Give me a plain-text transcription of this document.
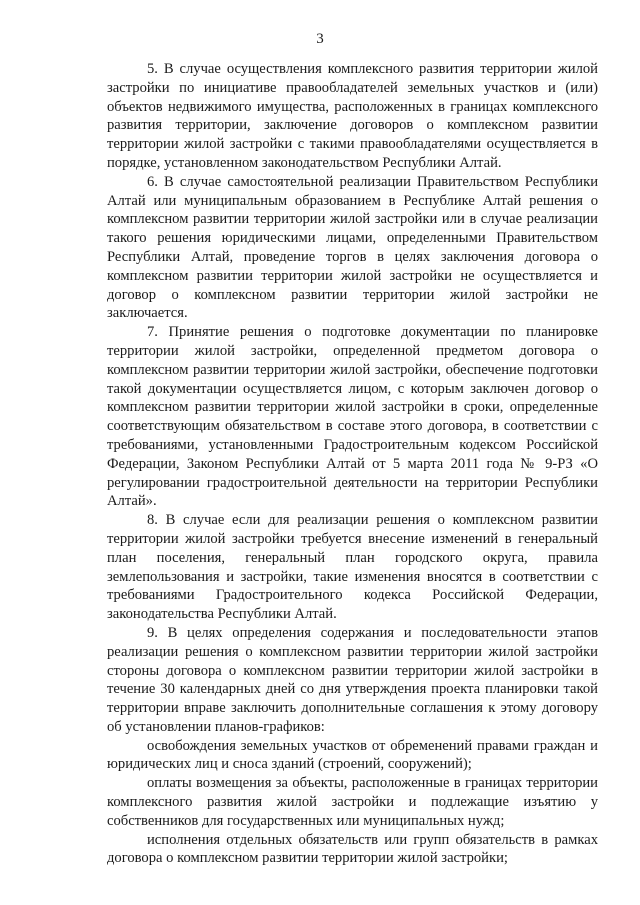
3

5. В случае осуществления комплексного развития территории жилой застройки по инициативе правообладателей земельных участков и (или) объектов недвижимого имущества, расположенных в границах комплексного развития территории, заключение договоров о комплексном развитии территории жилой застройки с такими правообладателями осуществляется в порядке, установленном законодательством Республики Алтай.

6. В случае самостоятельной реализации Правительством Республики Алтай или муниципальным образованием в Республике Алтай решения о комплексном развитии территории жилой застройки или в случае реализации такого решения юридическими лицами, определенными Правительством Республики Алтай, проведение торгов в целях заключения договора о комплексном развитии территории жилой застройки не осуществляется и договор о комплексном развитии территории жилой застройки не заключается.

7. Принятие решения о подготовке документации по планировке территории жилой застройки, определенной предметом договора о комплексном развитии территории жилой застройки, обеспечение подготовки такой документации осуществляется лицом, с которым заключен договор о комплексном развитии территории жилой застройки в сроки, определенные соответствующим обязательством в составе этого договора, в соответствии с требованиями, установленными Градостроительным кодексом Российской Федерации, Законом Республики Алтай от 5 марта 2011 года № 9-РЗ «О регулировании градостроительной деятельности на территории Республики Алтай».

8. В случае если для реализации решения о комплексном развитии территории жилой застройки требуется внесение изменений в генеральный план поселения, генеральный план городского округа, правила землепользования и застройки, такие изменения вносятся в соответствии с требованиями Градостроительного кодекса Российской Федерации, законодательства Республики Алтай.

9. В целях определения содержания и последовательности этапов реализации решения о комплексном развитии территории жилой застройки стороны договора о комплексном развитии территории жилой застройки в течение 30 календарных дней со дня утверждения проекта планировки такой территории вправе заключить дополнительные соглашения к этому договору об установлении планов-графиков:

освобождения земельных участков от обременений правами граждан и юридических лиц и сноса зданий (строений, сооружений);

оплаты возмещения за объекты, расположенные в границах территории комплексного развития жилой застройки и подлежащие изъятию у собственников для государственных или муниципальных нужд;

исполнения отдельных обязательств или групп обязательств в рамках договора о комплексном развитии территории жилой застройки;
